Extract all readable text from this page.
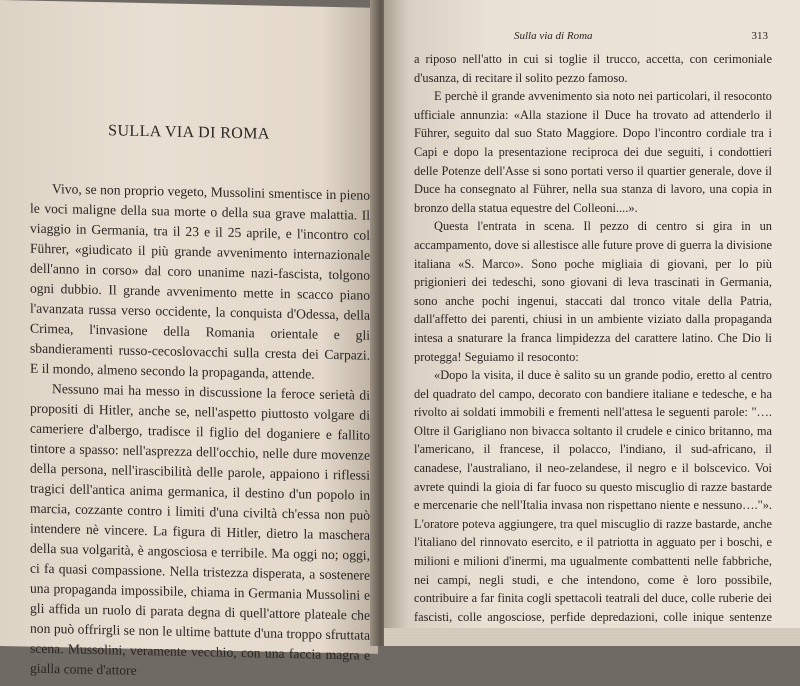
SULLA VIA DI ROMA

Vivo, se non proprio vegeto, Mussolini smentisce in pieno le voci maligne della sua morte o della sua grave malattia. Il viaggio in Germania, tra il 23 e il 25 aprile, e l'incontro col Führer, «giudicato il più grande avvenimento internazionale dell'anno in corso» dal coro unanime nazi-fascista, tolgono ogni dubbio. Il grande avvenimento mette in scacco piano l'avanzata russa verso occidente, la conquista d'Odessa, della Crimea, l'invasione della Romania orientale e gli sbandieramenti russo-cecoslovacchi sulla cresta dei Carpazi. E il mondo, almeno secondo la propaganda, attende.

Nessuno mai ha messo in discussione la feroce serietà di propositi di Hitler, anche se, nell'aspetto piuttosto volgare di cameriere d'albergo, tradisce il figlio del doganiere e fallito tintore a spasso: nell'asprezza dell'occhio, nelle dure movenze della persona, nell'irascibilità delle parole, appaiono i riflessi tragici dell'antica anima germanica, il destino d'un popolo in marcia, cozzante contro i limiti d'una civiltà ch'essa non può intendere nè vincere. La figura di Hitler, dietro la maschera della sua volgarità, è angosciosa e terribile. Ma oggi no; oggi, ci fa quasi compassione. Nella tristezza disperata, a sostenere una propaganda impossibile, chiama in Germania Mussolini e gli affida un ruolo di parata degna di quell'attore plateale che non può offrirgli se non le ultime battute d'una troppo sfruttata scena. Mussolini, veramente vecchio, con una faccia magra e gialla come d'attore

Sulla via di Roma	313

a riposo nell'atto in cui si toglie il trucco, accetta, con cerimoniale d'usanza, di recitare il solito pezzo famoso.

E perchè il grande avvenimento sia noto nei particolari, il resoconto ufficiale annunzia: «Alla stazione il Duce ha trovato ad attenderlo il Führer, seguito dal suo Stato Maggiore. Dopo l'incontro cordiale tra i Capi e dopo la presentazione reciproca dei due seguiti, i condottieri delle Potenze dell'Asse si sono portati verso il quartier generale, dove il Duce ha consegnato al Führer, nella sua stanza di lavoro, una copia in bronzo della statua equestre del Colleoni....».

Questa l'entrata in scena. Il pezzo di centro si gira in un accampamento, dove si allestisce alle future prove di guerra la divisione italiana «S. Marco». Sono poche migliaia di giovani, per lo più prigionieri dei tedeschi, sono giovani di leva trascinati in Germania, sono anche pochi ingenui, staccati dal tronco vitale della Patria, dall'affetto dei parenti, chiusi in un ambiente viziato dalla propaganda intesa a snaturare la franca limpidezza del carattere latino. Che Dio li protegga! Seguiamo il resoconto:

«Dopo la visita, il duce è salito su un grande podio, eretto al centro del quadrato del campo, decorato con bandiere italiane e tedesche, e ha rivolto ai soldati immobili e frementi nell'attesa le seguenti parole: "…. Oltre il Garigliano non bivacca soltanto il crudele e cinico britanno, ma l'americano, il francese, il polacco, l'indiano, il sud-africano, il canadese, l'australiano, il neo-zelandese, il negro e il bolscevico. Voi avrete quindi la gioia di far fuoco su questo miscuglio di razze bastarde e mercenarie che nell'Italia invasa non rispettano niente e nessuno…."». L'oratore poteva aggiungere, tra quel miscuglio di razze bastarde, anche l'italiano del rinnovato esercito, e il patriotta in agguato per i boschi, e milioni e milioni d'inermi, ma ugualmente combattenti nelle fabbriche, nei campi, negli studi, e che intendono, come è loro possibile, contribuire a far finita cogli spettacoli teatrali del duce, colle ruberie dei fascisti, colle angosciose, perfide depredazioni, colle inique sentenze
